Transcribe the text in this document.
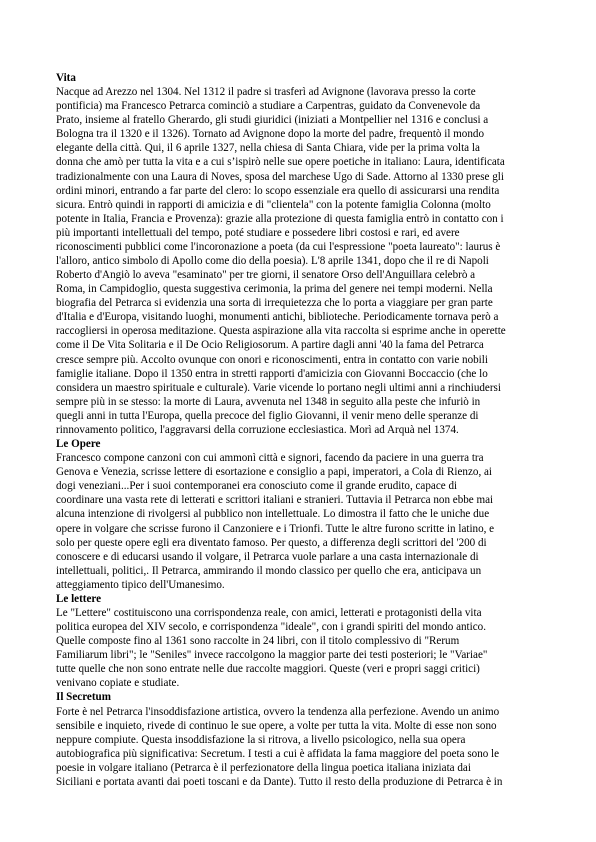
Vita

Nacque ad Arezzo nel 1304. Nel 1312 il padre si trasferì ad Avignone (lavorava presso la corte
pontificia) ma Francesco Petrarca cominciò a studiare a Carpentras, guidato da Convenevole da
Prato, insieme al fratello Gherardo, gli studi giuridici (iniziati a Montpellier nel 1316 e conclusi a
Bologna tra il 1320 e il 1326). Tornato ad Avignone dopo la morte del padre, frequentò il mondo
elegante della città. Qui, il 6 aprile 1327, nella chiesa di Santa Chiara, vide per la prima volta la
donna che amò per tutta la vita e a cui s’ispirò nelle sue opere poetiche in italiano: Laura, identificata
tradizionalmente con una Laura di Noves, sposa del marchese Ugo di Sade. Attorno al 1330 prese gli
ordini minori, entrando a far parte del clero: lo scopo essenziale era quello di assicurarsi una rendita
sicura. Entrò quindi in rapporti di amicizia e di "clientela" con la potente famiglia Colonna (molto
potente in Italia, Francia e Provenza): grazie alla protezione di questa famiglia entrò in contatto con i
più importanti intellettuali del tempo, poté studiare e possedere libri costosi e rari, ed avere
riconoscimenti pubblici come l'incoronazione a poeta (da cui l'espressione "poeta laureato": laurus è
l'alloro, antico simbolo di Apollo come dio della poesia). L'8 aprile 1341, dopo che il re di Napoli
Roberto d'Angiò lo aveva "esaminato" per tre giorni, il senatore Orso dell'Anguillara celebrò a
Roma, in Campidoglio, questa suggestiva cerimonia, la prima del genere nei tempi moderni. Nella
biografia del Petrarca si evidenzia una sorta di irrequietezza che lo porta a viaggiare per gran parte
d'Italia e d'Europa, visitando luoghi, monumenti antichi, biblioteche. Periodicamente tornava però a
raccogliersi in operosa meditazione. Questa aspirazione alla vita raccolta si esprime anche in operette
come il De Vita Solitaria e il De Ocio Religiosorum. A partire dagli anni '40 la fama del Petrarca
cresce sempre più. Accolto ovunque con onori e riconoscimenti, entra in contatto con varie nobili
famiglie italiane. Dopo il 1350 entra in stretti rapporti d'amicizia con Giovanni Boccaccio (che lo
considera un maestro spirituale e culturale). Varie vicende lo portano negli ultimi anni a rinchiudersi
sempre più in se stesso: la morte di Laura, avvenuta nel 1348 in seguito alla peste che infuriò in
quegli anni in tutta l'Europa, quella precoce del figlio Giovanni, il venir meno delle speranze di
rinnovamento politico, l'aggravarsi della corruzione ecclesiastica. Morì ad Arquà nel 1374.

Le Opere

Francesco compone canzoni con cui ammonì città e signori, facendo da paciere in una guerra tra
Genova e Venezia, scrisse lettere di esortazione e consiglio a papi, imperatori, a Cola di Rienzo, ai
dogi veneziani...Per i suoi contemporanei era conosciuto come il grande erudito, capace di
coordinare una vasta rete di letterati e scrittori italiani e stranieri. Tuttavia il Petrarca non ebbe mai
alcuna intenzione di rivolgersi al pubblico non intellettuale. Lo dimostra il fatto che le uniche due
opere in volgare che scrisse furono il Canzoniere e i Trionfi. Tutte le altre furono scritte in latino, e
solo per queste opere egli era diventato famoso. Per questo, a differenza degli scrittori del '200 di
conoscere e di educarsi usando il volgare, il Petrarca vuole parlare a una casta internazionale di
intellettuali, politici,. Il Petrarca, ammirando il mondo classico per quello che era, anticipava un
atteggiamento tipico dell'Umanesimo.

Le lettere

Le "Lettere" costituiscono una corrispondenza reale, con amici, letterati e protagonisti della vita
politica europea del XIV secolo, e corrispondenza "ideale", con i grandi spiriti del mondo antico.
Quelle composte fino al 1361 sono raccolte in 24 libri, con il titolo complessivo di "Rerum
Familiarum libri"; le "Seniles" invece raccolgono la maggior parte dei testi posteriori; le "Variae"
tutte quelle che non sono entrate nelle due raccolte maggiori. Queste (veri e propri saggi critici)
venivano copiate e studiate.

Il Secretum

Forte è nel Petrarca l'insoddisfazione artistica, ovvero la tendenza alla perfezione. Avendo un animo
sensibile e inquieto, rivede di continuo le sue opere, a volte per tutta la vita. Molte di esse non sono
neppure compiute. Questa insoddisfazione la si ritrova, a livello psicologico, nella sua opera
autobiografica più significativa: Secretum. I testi a cui è affidata la fama maggiore del poeta sono le
poesie in volgare italiano (Petrarca è il perfezionatore della lingua poetica italiana iniziata dai
Siciliani e portata avanti dai poeti toscani e da Dante). Tutto il resto della produzione di Petrarca è in
